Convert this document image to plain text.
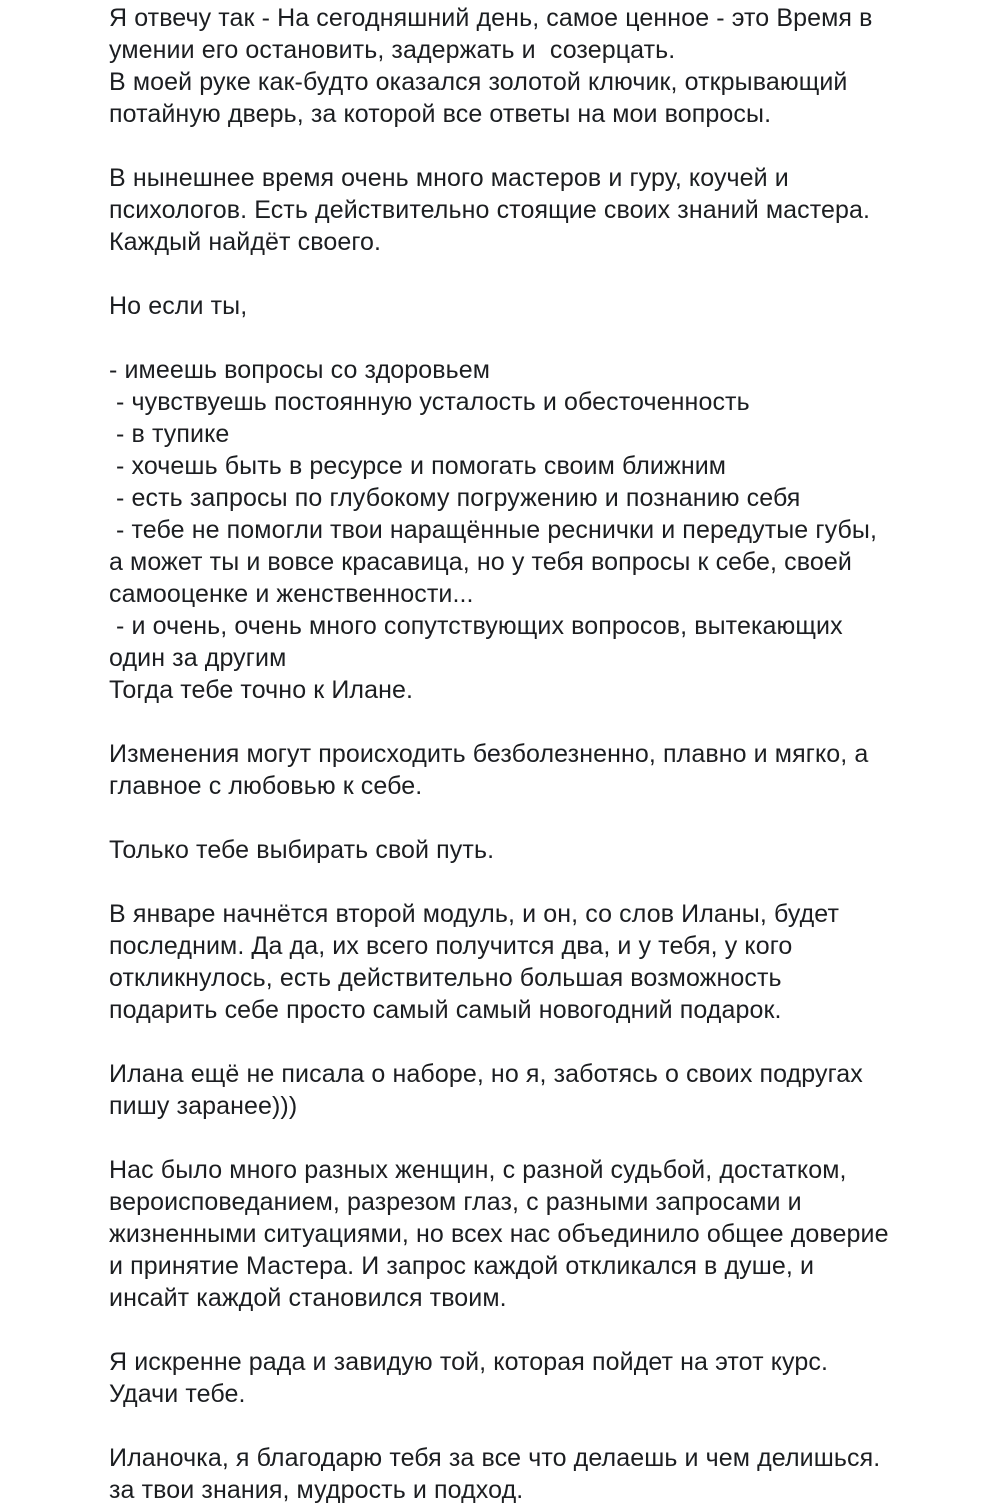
Я отвечу так - На сегодняшний день, самое ценное - это Время в
умении его остановить, задержать и  созерцать.
В моей руке как-будто оказался золотой ключик, открывающий
потайную дверь, за которой все ответы на мои вопросы.
В нынешнее время очень много мастеров и гуру, коучей и
психологов. Есть действительно стоящие своих знаний мастера.
Каждый найдёт своего.
Но если ты,
- имеешь вопросы со здоровьем
- чувствуешь постоянную усталость и обесточенность
- в тупике
- хочешь быть в ресурсе и помогать своим ближним
- есть запросы по глубокому погружению и познанию себя
- тебе не помогли твои наращённые реснички и передутые губы,
а может ты и вовсе красавица, но у тебя вопросы к себе, своей
самооценке и женственности...
- и очень, очень много сопутствующих вопросов, вытекающих
один за другим
Тогда тебе точно к Илане.
Изменения могут происходить безболезненно, плавно и мягко, а
главное с любовью к себе.
Только тебе выбирать свой путь.
В январе начнётся второй модуль, и он, со слов Иланы, будет
последним. Да да, их всего получится два, и у тебя, у кого
откликнулось, есть действительно большая возможность
подарить себе просто самый самый новогодний подарок.
Илана ещё не писала о наборе, но я, заботясь о своих подругах
пишу заранее)))
Нас было много разных женщин, с разной судьбой, достатком,
вероисповеданием, разрезом глаз, с разными запросами и
жизненными ситуациями, но всех нас объединило общее доверие
и принятие Мастера. И запрос каждой откликался в душе, и
инсайт каждой становился твоим.
Я искренне рада и завидую той, которая пойдет на этот курс.
Удачи тебе.
Иланочка, я благодарю тебя за все что делаешь и чем делишься.
за твои знания, мудрость и подход.
